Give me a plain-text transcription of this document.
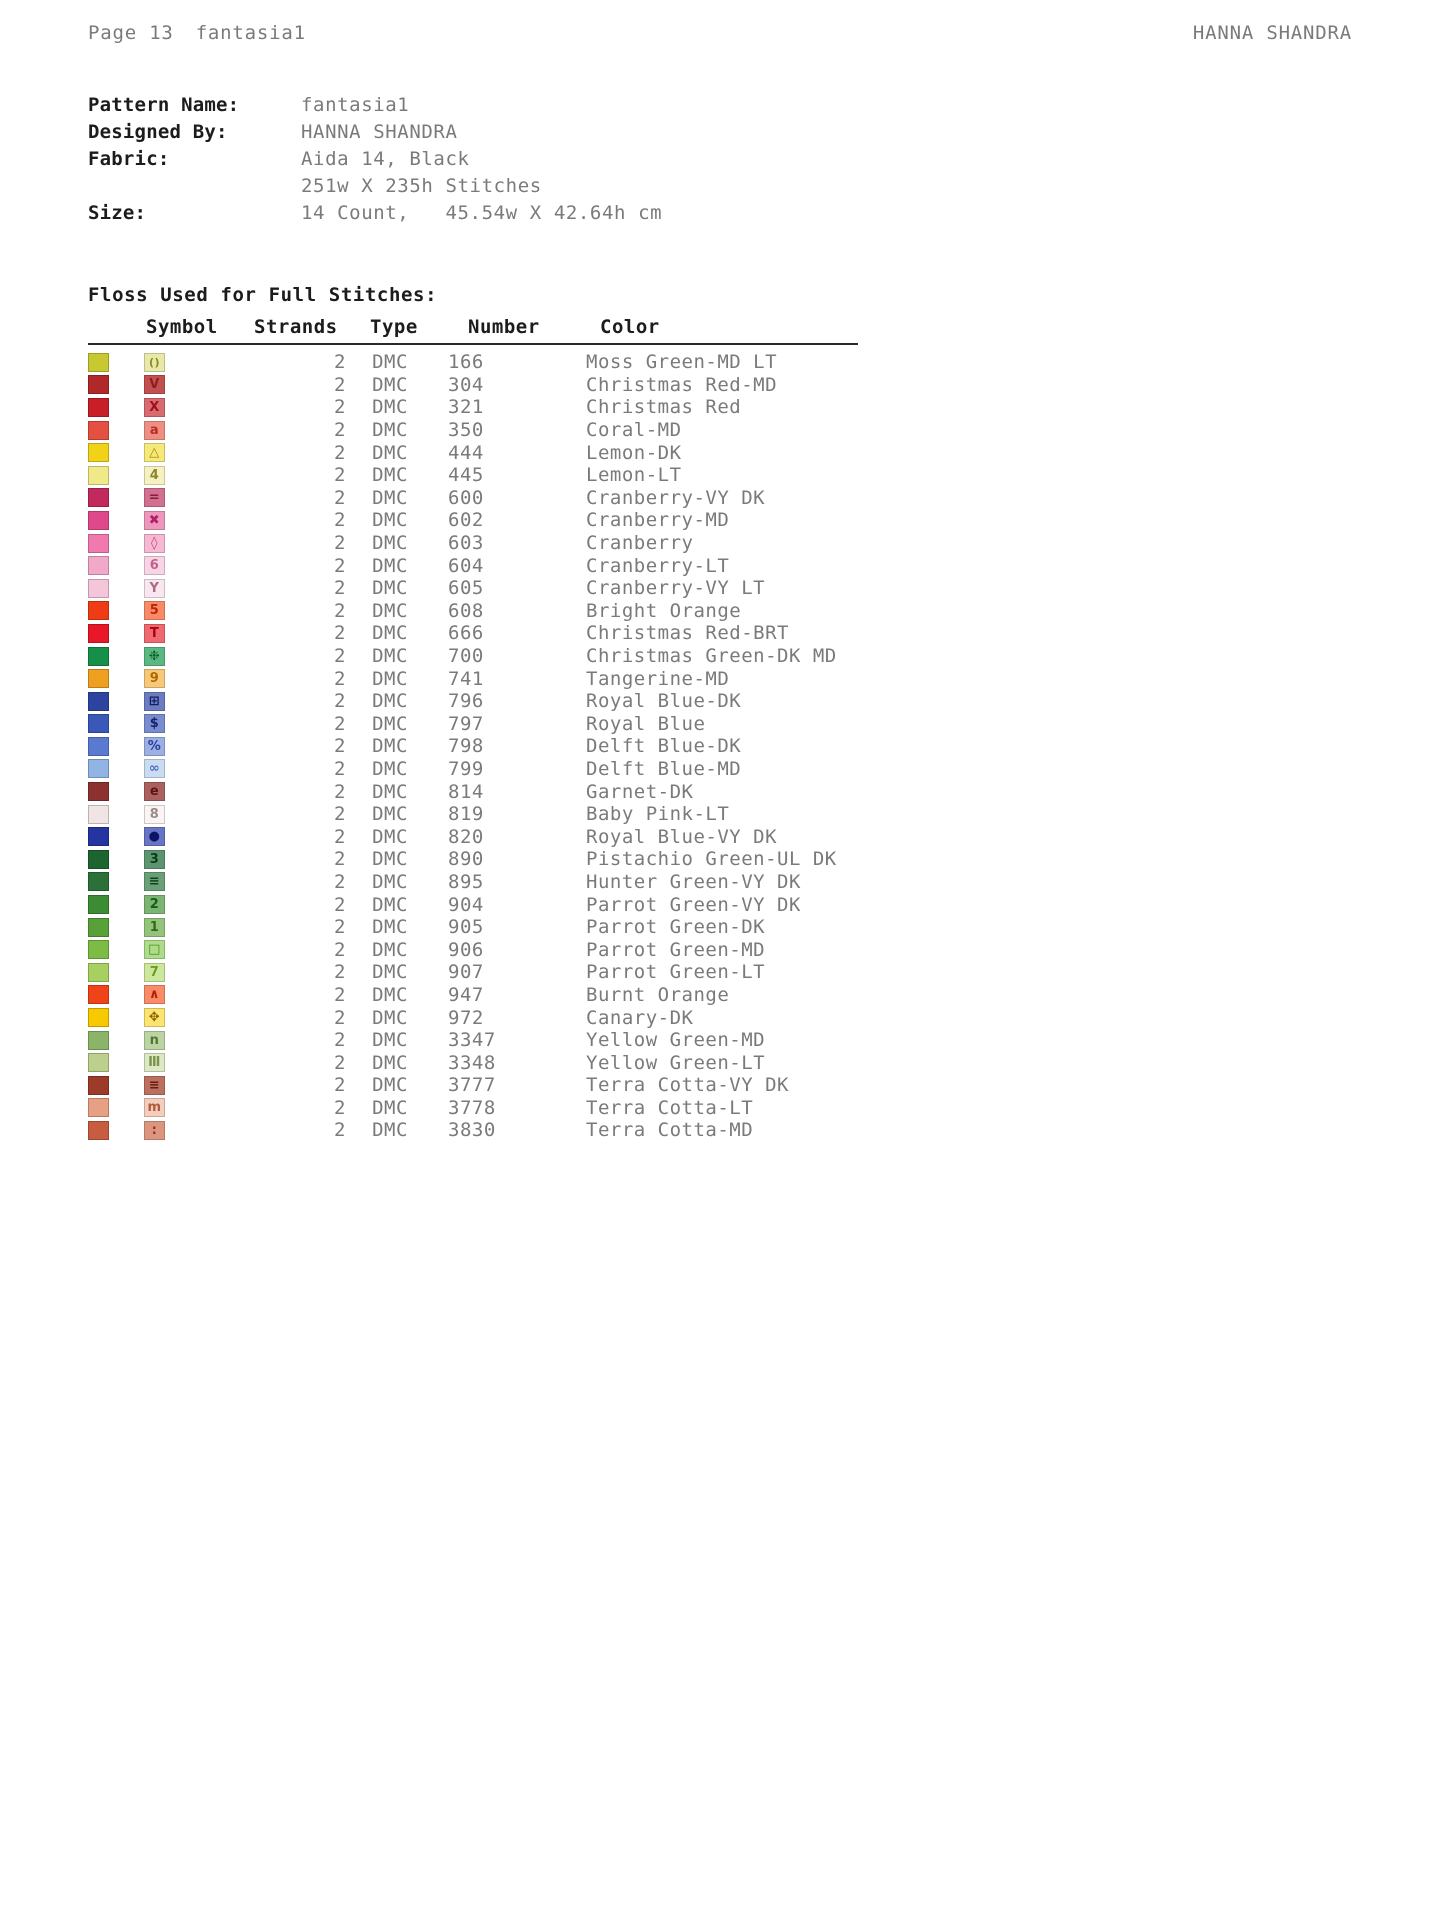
Page 13 fantasia1	HANNA SHANDRA
Pattern Name:	fantasia1
Designed By:	HANNA SHANDRA
Fabric:	Aida 14, Black
251w X 235h Stitches
Size:	14 Count,   45.54w X 42.64h cm
Floss Used for Full Stitches:
Symbol	Strands	Type	Number	Color
()	2	DMC	166	Moss Green-MD LT
V	2	DMC	304	Christmas Red-MD
X	2	DMC	321	Christmas Red
a	2	DMC	350	Coral-MD
△	2	DMC	444	Lemon-DK
4	2	DMC	445	Lemon-LT
=	2	DMC	600	Cranberry-VY DK
✖	2	DMC	602	Cranberry-MD
◊	2	DMC	603	Cranberry
6	2	DMC	604	Cranberry-LT
Y	2	DMC	605	Cranberry-VY LT
5	2	DMC	608	Bright Orange
T	2	DMC	666	Christmas Red-BRT
❉	2	DMC	700	Christmas Green-DK MD
9	2	DMC	741	Tangerine-MD
⊞	2	DMC	796	Royal Blue-DK
$	2	DMC	797	Royal Blue
%	2	DMC	798	Delft Blue-DK
∞	2	DMC	799	Delft Blue-MD
e	2	DMC	814	Garnet-DK
8	2	DMC	819	Baby Pink-LT
●	2	DMC	820	Royal Blue-VY DK
3	2	DMC	890	Pistachio Green-UL DK
≡	2	DMC	895	Hunter Green-VY DK
2	2	DMC	904	Parrot Green-VY DK
1	2	DMC	905	Parrot Green-DK
□	2	DMC	906	Parrot Green-MD
7	2	DMC	907	Parrot Green-LT
∧	2	DMC	947	Burnt Orange
✥	2	DMC	972	Canary-DK
n	2	DMC	3347	Yellow Green-MD
Ⅲ	2	DMC	3348	Yellow Green-LT
≡	2	DMC	3777	Terra Cotta-VY DK
m	2	DMC	3778	Terra Cotta-LT
:	2	DMC	3830	Terra Cotta-MD
